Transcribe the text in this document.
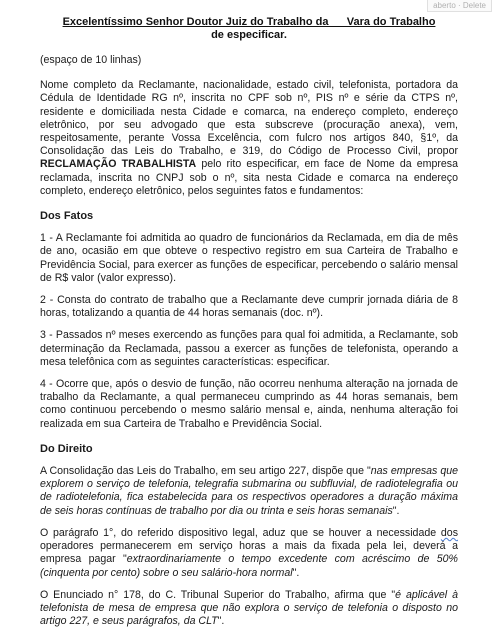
aberto · Delete
Excelentíssimo Senhor Doutor Juiz do Trabalho da __ Vara do Trabalho
de especificar.

(espaço de 10 linhas)

Nome completo da Reclamante, nacionalidade, estado civil, telefonista, portadora da Cédula de Identidade RG nº, inscrita no CPF sob nº, PIS nº e série da CTPS nº, residente e domiciliada nesta Cidade e comarca, na endereço completo, endereço eletrônico, por seu advogado que esta subscreve (procuração anexa), vem, respeitosamente, perante Vossa Excelência, com fulcro nos artigos 840, §1º, da Consolidação das Leis do Trabalho, e 319, do Código de Processo Civil, propor RECLAMAÇÃO TRABALHISTA pelo rito especificar, em face de Nome da empresa reclamada, inscrita no CNPJ sob o nº, sita nesta Cidade e comarca na endereço completo, endereço eletrônico, pelos seguintes fatos e fundamentos:

Dos Fatos

1 - A Reclamante foi admitida ao quadro de funcionários da Reclamada, em dia de mês de ano, ocasião em que obteve o respectivo registro em sua Carteira de Trabalho e Previdência Social, para exercer as funções de especificar, percebendo o salário mensal de R$ valor (valor expresso).

2 - Consta do contrato de trabalho que a Reclamante deve cumprir jornada diária de 8 horas, totalizando a quantia de 44 horas semanais (doc. nº).

3 - Passados nº meses exercendo as funções para qual foi admitida, a Reclamante, sob determinação da Reclamada, passou a exercer as funções de telefonista, operando a mesa telefônica com as seguintes características: especificar.

4 - Ocorre que, após o desvio de função, não ocorreu nenhuma alteração na jornada de trabalho da Reclamante, a qual permaneceu cumprindo as 44 horas semanais, bem como continuou percebendo o mesmo salário mensal e, ainda, nenhuma alteração foi realizada em sua Carteira de Trabalho e Previdência Social.

Do Direito

A Consolidação das Leis do Trabalho, em seu artigo 227, dispõe que "nas empresas que explorem o serviço de telefonia, telegrafia submarina ou subfluvial, de radiotelegrafia ou de radiotelefonia, fica estabelecida para os respectivos operadores a duração máxima de seis horas contínuas de trabalho por dia ou trinta e seis horas semanais".

O parágrafo 1°, do referido dispositivo legal, aduz que se houver a necessidade dos operadores permanecerem em serviço horas a mais da fixada pela lei, deverá a empresa pagar "extraordinariamente o tempo excedente com acréscimo de 50% (cinquenta por cento) sobre o seu salário-hora normal".

O Enunciado n° 178, do C. Tribunal Superior do Trabalho, afirma que "é aplicável à telefonista de mesa de empresa que não explora o serviço de telefonia o disposto no artigo 227, e seus parágrafos, da CLT".
